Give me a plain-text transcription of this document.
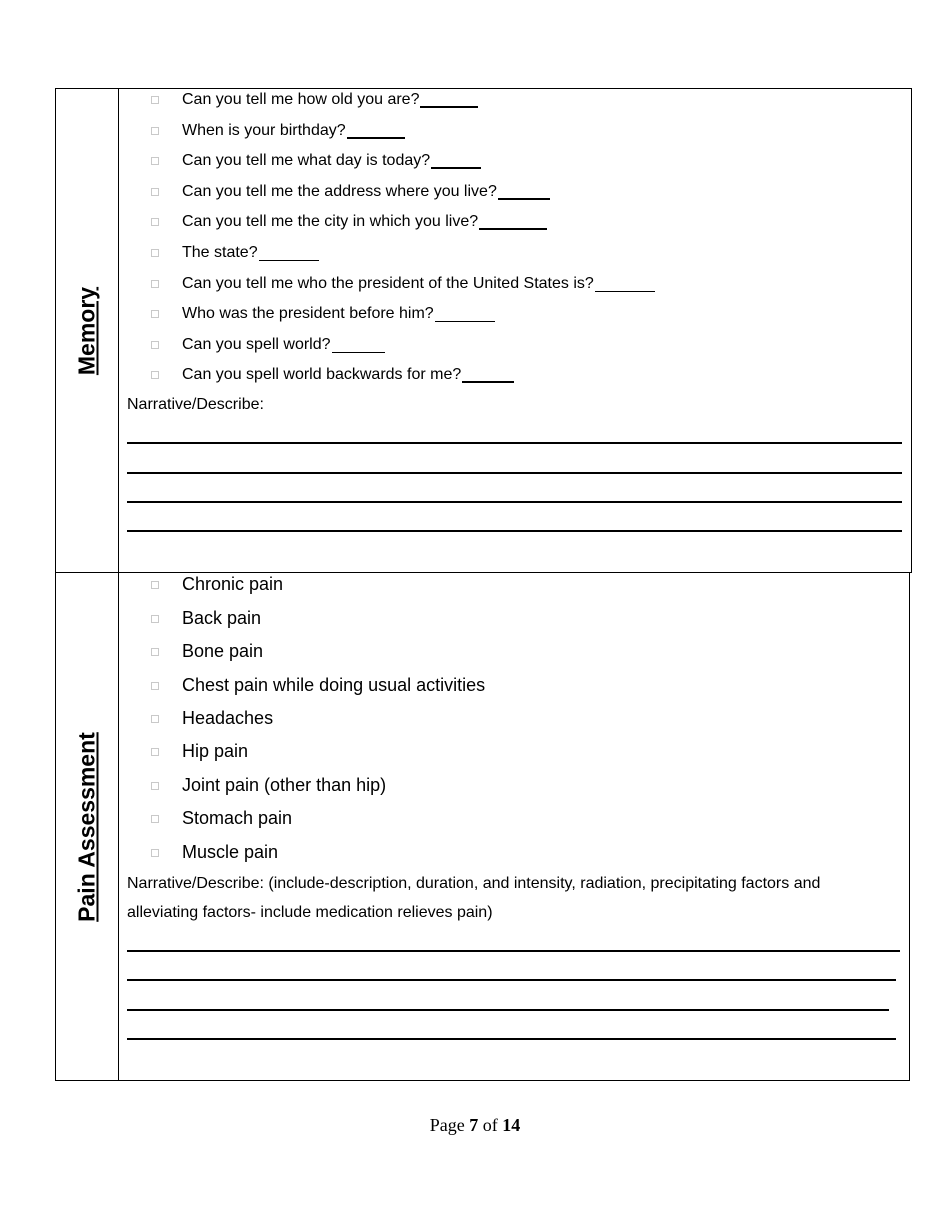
Memory
Can you tell me how old you are?
When is your birthday?
Can you tell me what day is today?
Can you tell me the address where you live?
Can you tell me the city in which you live?
The state?
Can you tell me who the president of the United States is?
Who was the president before him?
Can you spell world?
Can you spell world backwards for me?
Narrative/Describe:
Pain Assessment
Chronic pain
Back pain
Bone pain
Chest pain while doing usual activities
Headaches
Hip pain
Joint pain (other than hip)
Stomach pain
Muscle pain
Narrative/Describe: (include-description, duration, and intensity, radiation, precipitating factors and alleviating factors- include medication relieves pain)
Page 7 of 14
